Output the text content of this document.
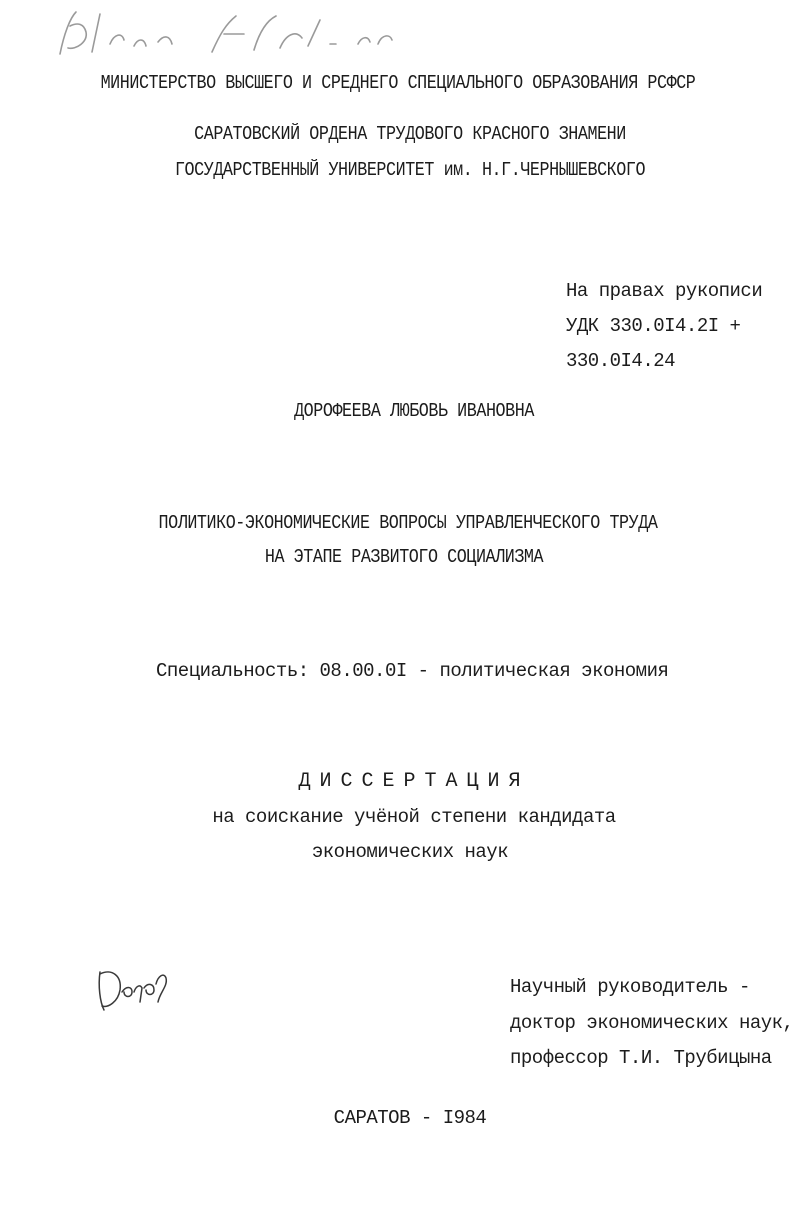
МИНИСТЕРСТВО ВЫСШЕГО И СРЕДНЕГО СПЕЦИАЛЬНОГО ОБРАЗОВАНИЯ РСФСР
САРАТОВСКИЙ ОРДЕНА ТРУДОВОГО КРАСНОГО ЗНАМЕНИ
ГОСУДАРСТВЕННЫЙ УНИВЕРСИТЕТ им. Н.Г.ЧЕРНЫШЕВСКОГО
На правах рукописи
УДК 330.0I4.2I +
330.0I4.24
ДОРОФЕЕВА ЛЮБОВЬ ИВАНОВНА
ПОЛИТИКО-ЭКОНОМИЧЕСКИЕ ВОПРОСЫ УПРАВЛЕНЧЕСКОГО ТРУДА
НА ЭТАПЕ РАЗВИТОГО СОЦИАЛИЗМА
Специальность: 08.00.0I - политическая экономия
ДИССЕРТАЦИЯ
на соискание учёной степени кандидата
экономических наук
Научный руководитель -
доктор экономических наук,
профессор Т.И. Трубицына
САРАТОВ - I984
